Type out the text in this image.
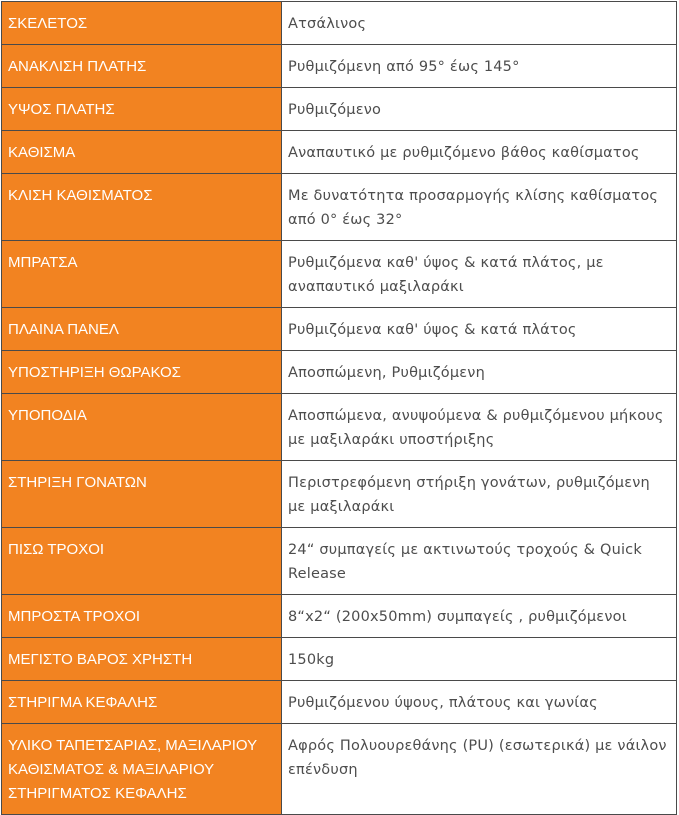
ΣΚΕΛΕΤΟΣ	Ατσάλινος
ΑΝΑΚΛΙΣΗ ΠΛΑΤΗΣ	Ρυθμιζόμενη από 95° έως 145°
ΥΨΟΣ ΠΛΑΤΗΣ	Ρυθμιζόμενο
ΚΑΘΙΣΜΑ	Αναπαυτικό με ρυθμιζόμενο βάθος καθίσματος
ΚΛΙΣΗ ΚΑΘΙΣΜΑΤΟΣ	Με δυνατότητα προσαρμογής κλίσης καθίσματος από 0° έως 32°
ΜΠΡΑΤΣΑ	Ρυθμιζόμενα καθ' ύψος & κατά πλάτος, με αναπαυτικό μαξιλαράκι
ΠΛΑΙΝΑ ΠΑΝΕΛ	Ρυθμιζόμενα καθ' ύψος & κατά πλάτος
ΥΠΟΣΤΗΡΙΞΗ ΘΩΡΑΚΟΣ	Αποσπώμενη, Ρυθμιζόμενη
ΥΠΟΠΟΔΙΑ	Αποσπώμενα, ανυψούμενα & ρυθμιζόμενου μήκους με μαξιλαράκι υποστήριξης
ΣΤΗΡΙΞΗ ΓΟΝΑΤΩΝ	Περιστρεφόμενη στήριξη γονάτων, ρυθμιζόμενη με μαξιλαράκι
ΠΙΣΩ ΤΡΟΧΟΙ	24“ συμπαγείς με ακτινωτούς τροχούς & Quick Release
ΜΠΡΟΣΤΑ ΤΡΟΧΟΙ	8“x2“ (200x50mm) συμπαγείς , ρυθμιζόμενοι
ΜΕΓΙΣΤΟ ΒΑΡΟΣ ΧΡΗΣΤΗ	150kg
ΣΤΗΡΙΓΜΑ ΚΕΦΑΛΗΣ	Ρυθμιζόμενου ύψους, πλάτους και γωνίας
ΥΛΙΚΟ ΤΑΠΕΤΣΑΡΙΑΣ, ΜΑΞΙΛΑΡΙΟΥ ΚΑΘΙΣΜΑΤΟΣ & ΜΑΞΙΛΑΡΙΟΥ ΣΤΗΡΙΓΜΑΤΟΣ ΚΕΦΑΛΗΣ	Αφρός Πολυουρεθάνης (PU) (εσωτερικά) με νάιλον επένδυση
